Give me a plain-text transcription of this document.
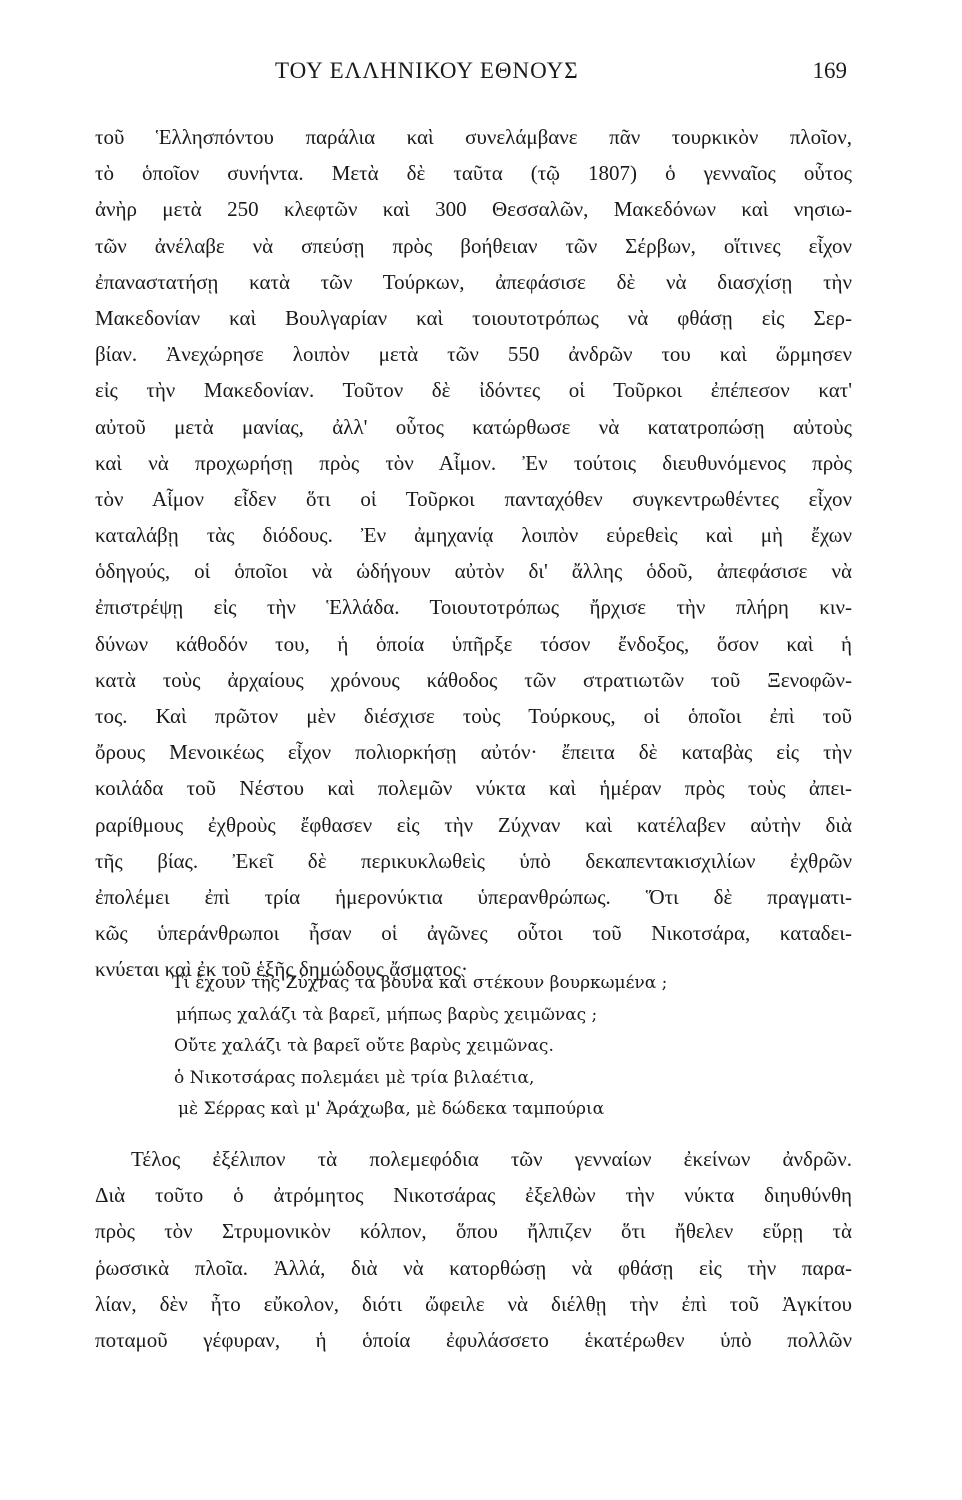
ΤΟΥ ΕΛΛΗΝΙΚΟΥ ΕΘΝΟΥΣ	169
τοῦ Ἑλλησπόντου παράλια καὶ συνελάμβανε πᾶν τουρκικὸν πλοῖον,
τὸ ὁποῖον συνήντα. Μετὰ δὲ ταῦτα (τῷ 1807) ὁ γενναῖος οὗτος
ἀνὴρ μετὰ 250 κλεφτῶν καὶ 300 Θεσσαλῶν, Μακεδόνων καὶ νησιω-
τῶν ἀνέλαβε νὰ σπεύσῃ πρὸς βοήθειαν τῶν Σέρβων, οἵτινες εἶχον
ἐπαναστατήσῃ κατὰ τῶν Τούρκων, ἀπεφάσισε δὲ νὰ διασχίσῃ τὴν
Μακεδονίαν καὶ Βουλγαρίαν καὶ τοιουτοτρόπως νὰ φθάσῃ εἰς Σερ-
βίαν. Ἀνεχώρησε λοιπὸν μετὰ τῶν 550 ἀνδρῶν του καὶ ὥρμησεν
εἰς τὴν Μακεδονίαν. Τοῦτον δὲ ἰδόντες οἱ Τοῦρκοι ἐπέπεσον κατ'
αὐτοῦ μετὰ μανίας, ἀλλ' οὗτος κατώρθωσε νὰ κατατροπώσῃ αὐτοὺς
καὶ νὰ προχωρήσῃ πρὸς τὸν Αἷμον. Ἐν τούτοις διευθυνόμενος πρὸς
τὸν Αἷμον εἶδεν ὅτι οἱ Τοῦρκοι πανταχόθεν συγκεντρωθέντες εἶχον
καταλάβῃ τὰς διόδους. Ἐν ἀμηχανίᾳ λοιπὸν εὑρεθεὶς καὶ μὴ ἔχων
ὁδηγούς, οἱ ὁποῖοι νὰ ὡδήγουν αὐτὸν δι' ἄλλης ὁδοῦ, ἀπεφάσισε νὰ
ἐπιστρέψῃ εἰς τὴν Ἑλλάδα. Τοιουτοτρόπως ἤρχισε τὴν πλήρη κιν-
δύνων κάθοδόν του, ἡ ὁποία ὑπῆρξε τόσον ἔνδοξος, ὅσον καὶ ἡ
κατὰ τοὺς ἀρχαίους χρόνους κάθοδος τῶν στρατιωτῶν τοῦ Ξενοφῶν-
τος. Καὶ πρῶτον μὲν διέσχισε τοὺς Τούρκους, οἱ ὁποῖοι ἐπὶ τοῦ
ὄρους Μενοικέως εἶχον πολιορκήσῃ αὐτόν· ἔπειτα δὲ καταβὰς εἰς τὴν
κοιλάδα τοῦ Νέστου καὶ πολεμῶν νύκτα καὶ ἡμέραν πρὸς τοὺς ἀπει-
ραρίθμους ἐχθροὺς ἔφθασεν εἰς τὴν Ζύχναν καὶ κατέλαβεν αὐτὴν διὰ
τῆς βίας. Ἐκεῖ δὲ περικυκλωθεὶς ὑπὸ δεκαπεντακισχιλίων ἐχθρῶν
ἐπολέμει ἐπὶ τρία ἡμερονύκτια ὑπερανθρώπως. Ὅτι δὲ πραγματι-
κῶς ὑπεράνθρωποι ἦσαν οἱ ἀγῶνες οὗτοι τοῦ Νικοτσάρα, καταδει-
κνύεται καὶ ἐκ τοῦ ἑξῆς δημώδους ᾄσματος·
Τί ἔχουν τῆς Ζύχνας τὰ βουνὰ καὶ στέκουν βουρκωμένα ;
μήπως χαλάζι τὰ βαρεῖ, μήπως βαρὺς χειμῶνας ;
Οὔτε χαλάζι τὰ βαρεῖ οὔτε βαρὺς χειμῶνας.
ὁ Νικοτσάρας πολεμάει μὲ τρία βιλαέτια,
μὲ Σέρρας καὶ μ' Ἀράχωβα, μὲ δώδεκα ταμπούρια
Τέλος ἐξέλιπον τὰ πολεμεφόδια τῶν γενναίων ἐκείνων ἀνδρῶν.
Διὰ τοῦτο ὁ ἀτρόμητος Νικοτσάρας ἐξελθὼν τὴν νύκτα διηυθύνθη
πρὸς τὸν Στρυμονικὸν κόλπον, ὅπου ἤλπιζεν ὅτι ἤθελεν εὕρῃ τὰ
ῥωσσικὰ πλοῖα. Ἀλλά, διὰ νὰ κατορθώσῃ νὰ φθάσῃ εἰς τὴν παρα-
λίαν, δὲν ἦτο εὔκολον, διότι ὤφειλε νὰ διέλθῃ τὴν ἐπὶ τοῦ Ἀγκίτου
ποταμοῦ γέφυραν, ἡ ὁποία ἐφυλάσσετο ἑκατέρωθεν ὑπὸ πολλῶν
